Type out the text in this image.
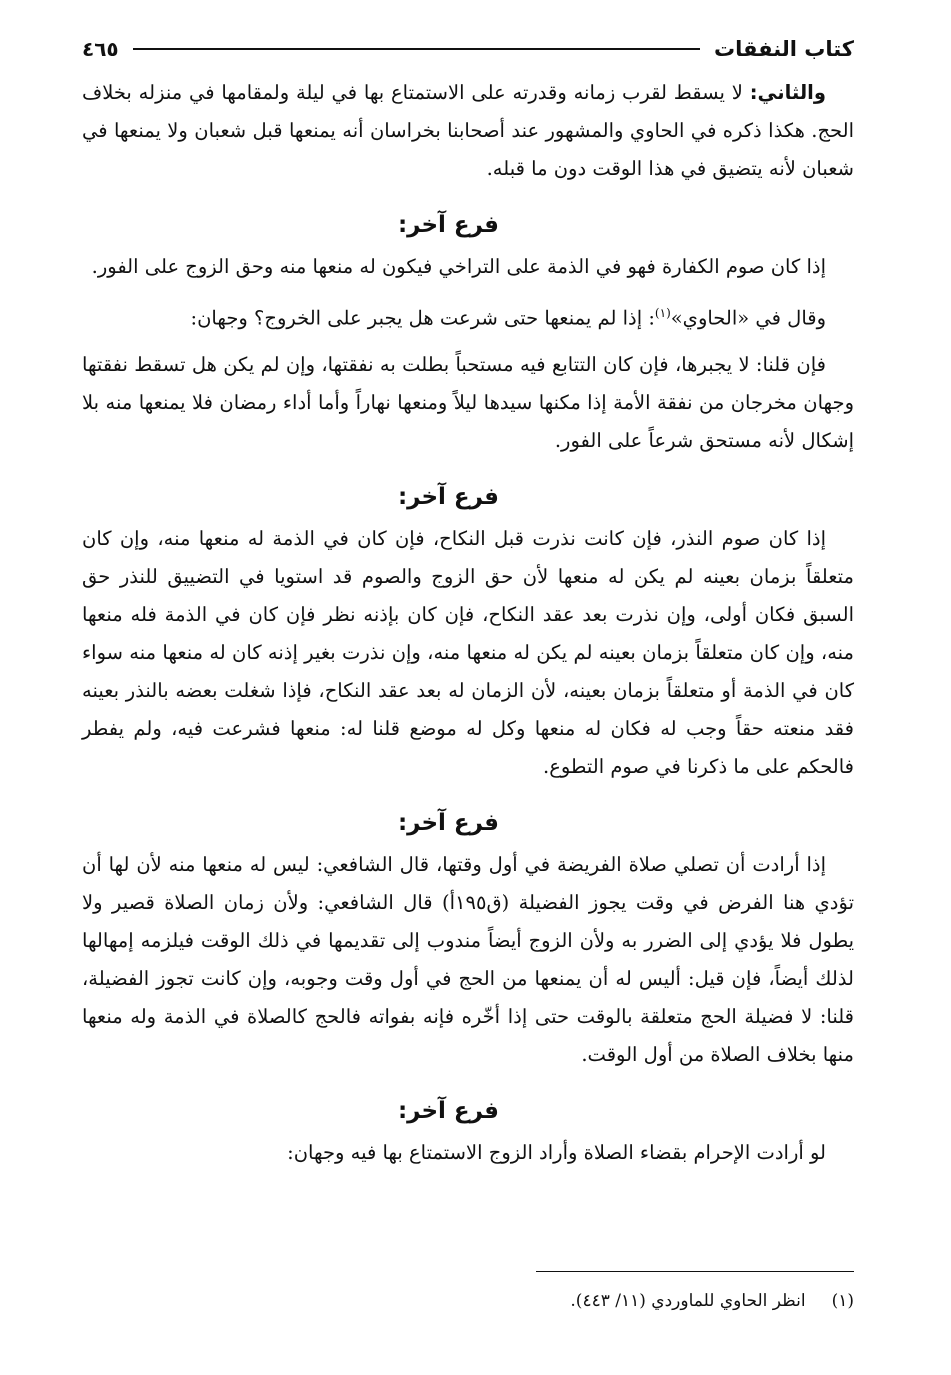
كتاب النفقات
٤٦٥

والثاني: لا يسقط لقرب زمانه وقدرته على الاستمتاع بها في ليلة ولمقامها في منزله بخلاف الحج. هكذا ذكره في الحاوي والمشهور عند أصحابنا بخراسان أنه يمنعها قبل شعبان ولا يمنعها في شعبان لأنه يتضيق في هذا الوقت دون ما قبله.

فرع آخر:

إذا كان صوم الكفارة فهو في الذمة على التراخي فيكون له منعها منه وحق الزوج على الفور.

وقال في «الحاوي»$^{(١)}$: إذا لم يمنعها حتى شرعت هل يجبر على الخروج؟ وجهان:

فإن قلنا: لا يجبرها، فإن كان التتابع فيه مستحباً بطلت به نفقتها، وإن لم يكن هل تسقط نفقتها وجهان مخرجان من نفقة الأمة إذا مكنها سيدها ليلاً ومنعها نهاراً وأما أداء رمضان فلا يمنعها منه بلا إشكال لأنه مستحق شرعاً على الفور.

فرع آخر:

إذا كان صوم النذر، فإن كانت نذرت قبل النكاح، فإن كان في الذمة له منعها منه، وإن كان متعلقاً بزمان بعينه لم يكن له منعها لأن حق الزوج والصوم قد استويا في التضييق للنذر حق السبق فكان أولى، وإن نذرت بعد عقد النكاح، فإن كان بإذنه نظر فإن كان في الذمة فله منعها منه، وإن كان متعلقاً بزمان بعينه لم يكن له منعها منه، وإن نذرت بغير إذنه كان له منعها منه سواء كان في الذمة أو متعلقاً بزمان بعينه، لأن الزمان له بعد عقد النكاح، فإذا شغلت بعضه بالنذر بعينه فقد منعته حقاً وجب له فكان له منعها وكل له موضع قلنا له: منعها فشرعت فيه، ولم يفطر فالحكم على ما ذكرنا في صوم التطوع.

فرع آخر:

إذا أرادت أن تصلي صلاة الفريضة في أول وقتها، قال الشافعي: ليس له منعها منه لأن لها أن تؤدي هنا الفرض في وقت يجوز الفضيلة (ق١٩٥أ) قال الشافعي: ولأن زمان الصلاة قصير ولا يطول فلا يؤدي إلى الضرر به ولأن الزوج أيضاً مندوب إلى تقديمها في ذلك الوقت فيلزمه إمهالها لذلك أيضاً، فإن قيل: أليس له أن يمنعها من الحج في أول وقت وجوبه، وإن كانت تجوز الفضيلة، قلنا: لا فضيلة الحج متعلقة بالوقت حتى إذا أخّره فإنه بفواته فالحج كالصلاة في الذمة وله منعها منها بخلاف الصلاة من أول الوقت.

فرع آخر:

لو أرادت الإحرام بقضاء الصلاة وأراد الزوج الاستمتاع بها فيه وجهان:

(١)انظر الحاوي للماوردي (١١/ ٤٤٣).
